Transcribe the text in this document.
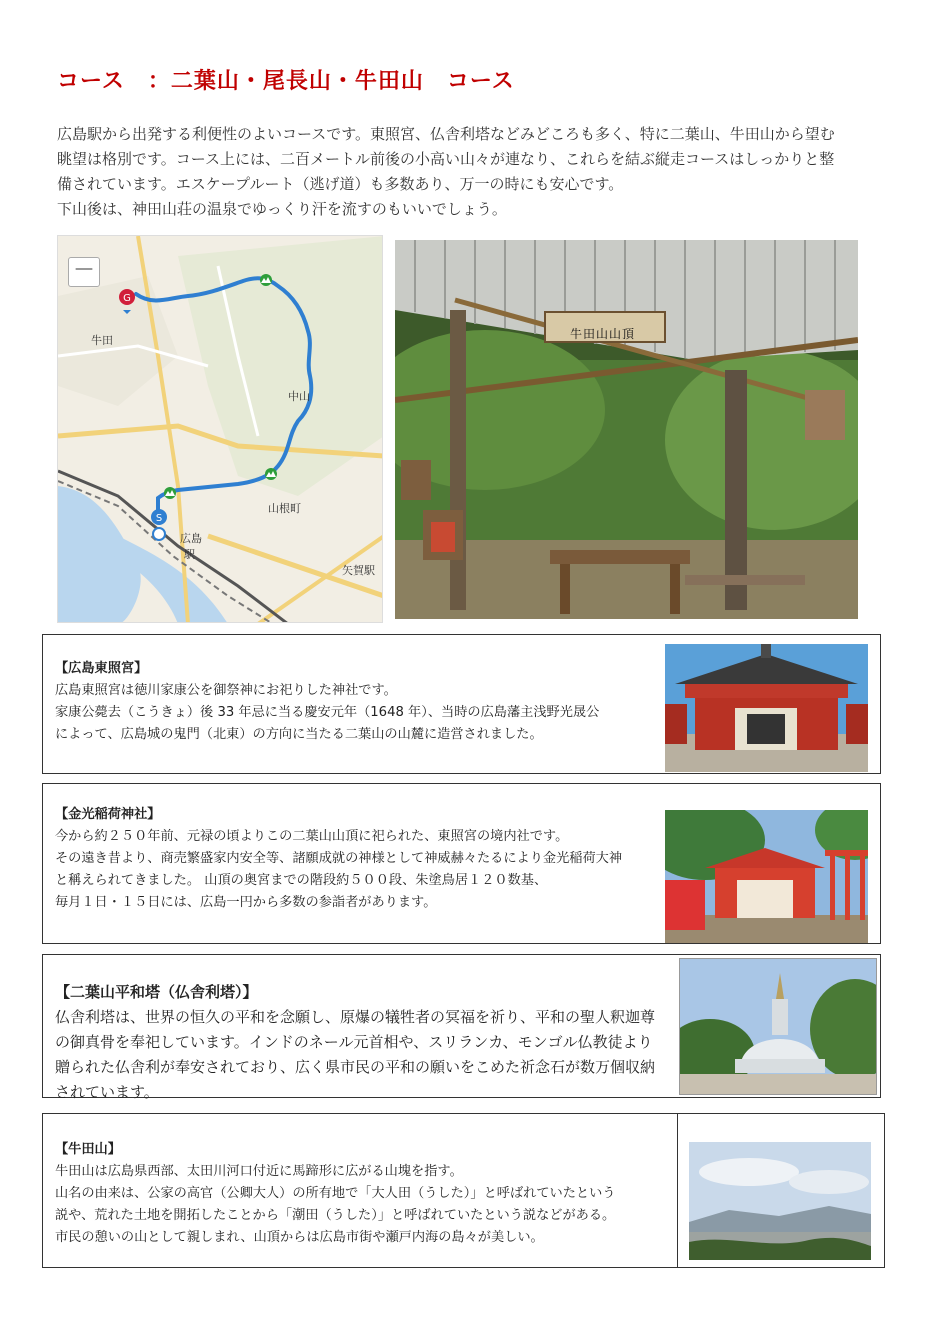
コース　：二葉山・尾長山・牛田山　コース

広島駅から出発する利便性のよいコースです。東照宮、仏舎利塔などみどころも多く、特に二葉山、牛田山から望む

眺望は格別です。コース上には、二百メートル前後の小高い山々が連なり、これらを結ぶ縦走コースはしっかりと整

備されています。エスケープルート（逃げ道）も多数あり、万一の時にも安心です。

下山後は、神田山荘の温泉でゆっくり汗を流すのもいいでしょう。

G
S
牛田
中山
山根町
広島
駅
矢賀駅
－
牛田山山頂

【広島東照宮】

広島東照宮は徳川家康公を御祭神にお祀りした神社です。

家康公薨去（こうきょ）後 33 年忌に当る慶安元年（1648 年）、当時の広島藩主浅野光晟公

によって、広島城の鬼門（北東）の方向に当たる二葉山の山麓に造営されました。

【金光稲荷神社】

今から約２５０年前、元禄の頃よりこの二葉山山頂に祀られた、東照宮の境内社です。

その遠き昔より、商売繁盛家内安全等、諸願成就の神様として神威赫々たるにより金光稲荷大神

と稱えられてきました。 山頂の奥宮までの階段約５００段、朱塗鳥居１２０数基、

毎月１日・１５日には、広島一円から多数の参詣者があります。

【二葉山平和塔（仏舎利塔）】

仏舎利塔は、世界の恒久の平和を念願し、原爆の犠牲者の冥福を祈り、平和の聖人釈迦尊

の御真骨を奉祀しています。インドのネール元首相や、スリランカ、モンゴル仏教徒より

贈られた仏舎利が奉安されており、広く県市民の平和の願いをこめた祈念石が数万個収納

されています。

【牛田山】

牛田山は広島県西部、太田川河口付近に馬蹄形に広がる山塊を指す。

山名の由来は、公家の高官（公卿大人）の所有地で「大人田（うした）」と呼ばれていたという

説や、荒れた土地を開拓したことから「潮田（うした）」と呼ばれていたという説などがある。

市民の憩いの山として親しまれ、山頂からは広島市街や瀬戸内海の島々が美しい。
